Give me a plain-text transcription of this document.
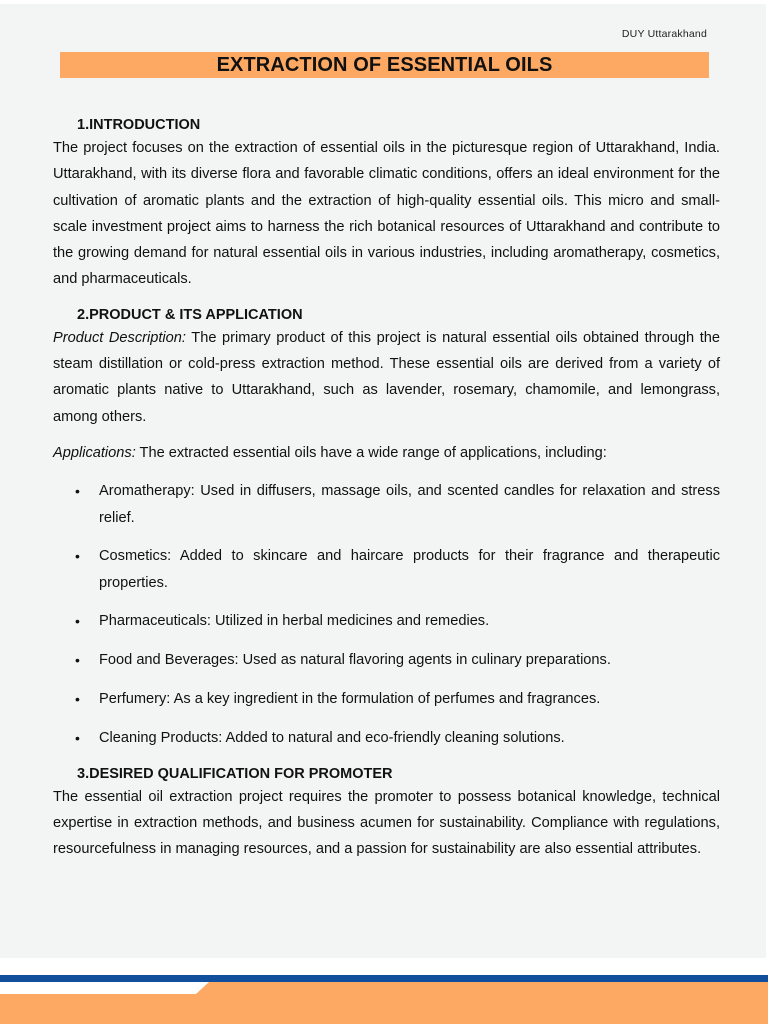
DUY Uttarakhand
EXTRACTION OF ESSENTIAL OILS
1.INTRODUCTION

The project focuses on the extraction of essential oils in the picturesque region of Uttarakhand, India. Uttarakhand, with its diverse flora and favorable climatic conditions, offers an ideal environment for the cultivation of aromatic plants and the extraction of high-quality essential oils. This micro and small-scale investment project aims to harness the rich botanical resources of Uttarakhand and contribute to the growing demand for natural essential oils in various industries, including aromatherapy, cosmetics, and pharmaceuticals.

2.PRODUCT & ITS APPLICATION

Product Description: The primary product of this project is natural essential oils obtained through the steam distillation or cold-press extraction method. These essential oils are derived from a variety of aromatic plants native to Uttarakhand, such as lavender, rosemary, chamomile, and lemongrass, among others.

Applications: The extracted essential oils have a wide range of applications, including:

• Aromatherapy: Used in diffusers, massage oils, and scented candles for relaxation and stress relief.
• Cosmetics: Added to skincare and haircare products for their fragrance and therapeutic properties.
• Pharmaceuticals: Utilized in herbal medicines and remedies.
• Food and Beverages: Used as natural flavoring agents in culinary preparations.
• Perfumery: As a key ingredient in the formulation of perfumes and fragrances.
• Cleaning Products: Added to natural and eco-friendly cleaning solutions.
3.DESIRED QUALIFICATION FOR PROMOTER

The essential oil extraction project requires the promoter to possess botanical knowledge, technical expertise in extraction methods, and business acumen for sustainability. Compliance with regulations, resourcefulness in managing resources, and a passion for sustainability are also essential attributes.
